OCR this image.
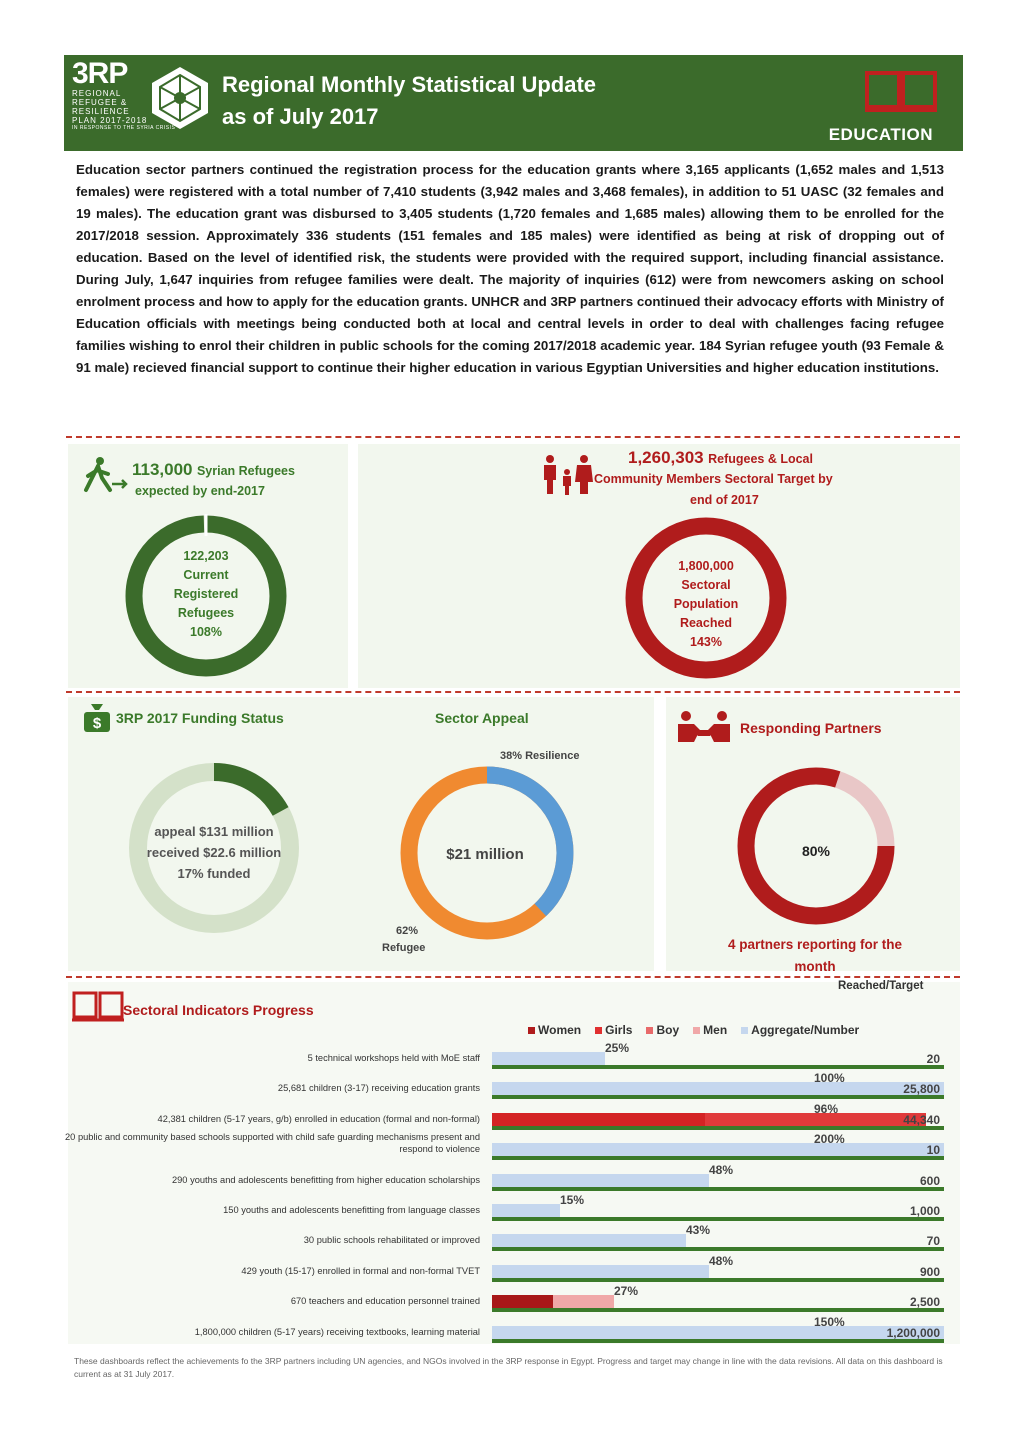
3RP
REGIONAL
REFUGEE &
RESILIENCE
PLAN 2017-2018
IN RESPONSE TO THE SYRIA CRISIS
Regional Monthly Statistical Update
as of July 2017
EDUCATION
Education sector partners continued the registration process for the education grants where 3,165 applicants (1,652 males and 1,513 females) were registered with a total number of 7,410 students (3,942 males and 3,468 females), in addition to 51 UASC (32 females and 19 males). The education grant was disbursed to 3,405 students (1,720 females and 1,685 males) allowing them to be enrolled for the 2017/2018 session. Approximately 336 students (151 females and 185 males) were identified as being at risk of dropping out of education. Based on the level of identified risk, the students were provided with the required support, including financial assistance. During July, 1,647 inquiries from refugee families were dealt. The majority of inquiries (612) were from newcomers asking on school enrolment process and how to apply for the education grants. UNHCR and 3RP partners continued their advocacy efforts with Ministry of Education officials with meetings being conducted both at local and central levels in order to deal with challenges facing refugee families wishing to enrol their children in public schools for the coming 2017/2018 academic year. 184 Syrian refugee youth (93 Female & 91 male) recieved financial support to continue their higher education in various Egyptian Universities and higher education institutions.
113,000 Syrian Refugees
expected by end-2017
122,203
Current
Registered
Refugees
108%
1,260,303 Refugees & Local
Community Members Sectoral Target by
end of 2017
1,800,000
Sectoral
Population
Reached
143%
$ 3RP 2017 Funding Status
appeal $131 million
received $22.6 million
17% funded
Sector Appeal
38% Resilience
$21 million
62%
Refugee
Responding Partners
80%
4 partners reporting for the
month
Sectoral Indicators Progress
Reached/Target
Women	Girls	Boy	Men	Aggregate/Number
5 technical workshops held with MoE staff
25%
20
25,681 children (3-17) receiving education grants
100%
25,800
42,381 children (5-17 years, g/b) enrolled in education (formal and non-formal)
96%
44,340
20 public and community based schools supported with child safe guarding mechanisms present and respond to violence
200%
10
290 youths and adolescents benefitting from higher education scholarships
48%
600
150 youths and adolescents benefitting from language classes
15%
1,000
30 public schools rehabilitated or improved
43%
70
429 youth (15-17) enrolled in formal and non-formal TVET
48%
900
670 teachers and education personnel trained
27%
2,500
1,800,000 children (5-17 years) receiving textbooks, learning material
150%
1,200,000
These dashboards reflect the achievements fo the 3RP partners including UN agencies, and NGOs involved in the 3RP response in Egypt. Progress and target may change in line with the data revisions. All data on this dashboard is current as at 31 July 2017.
